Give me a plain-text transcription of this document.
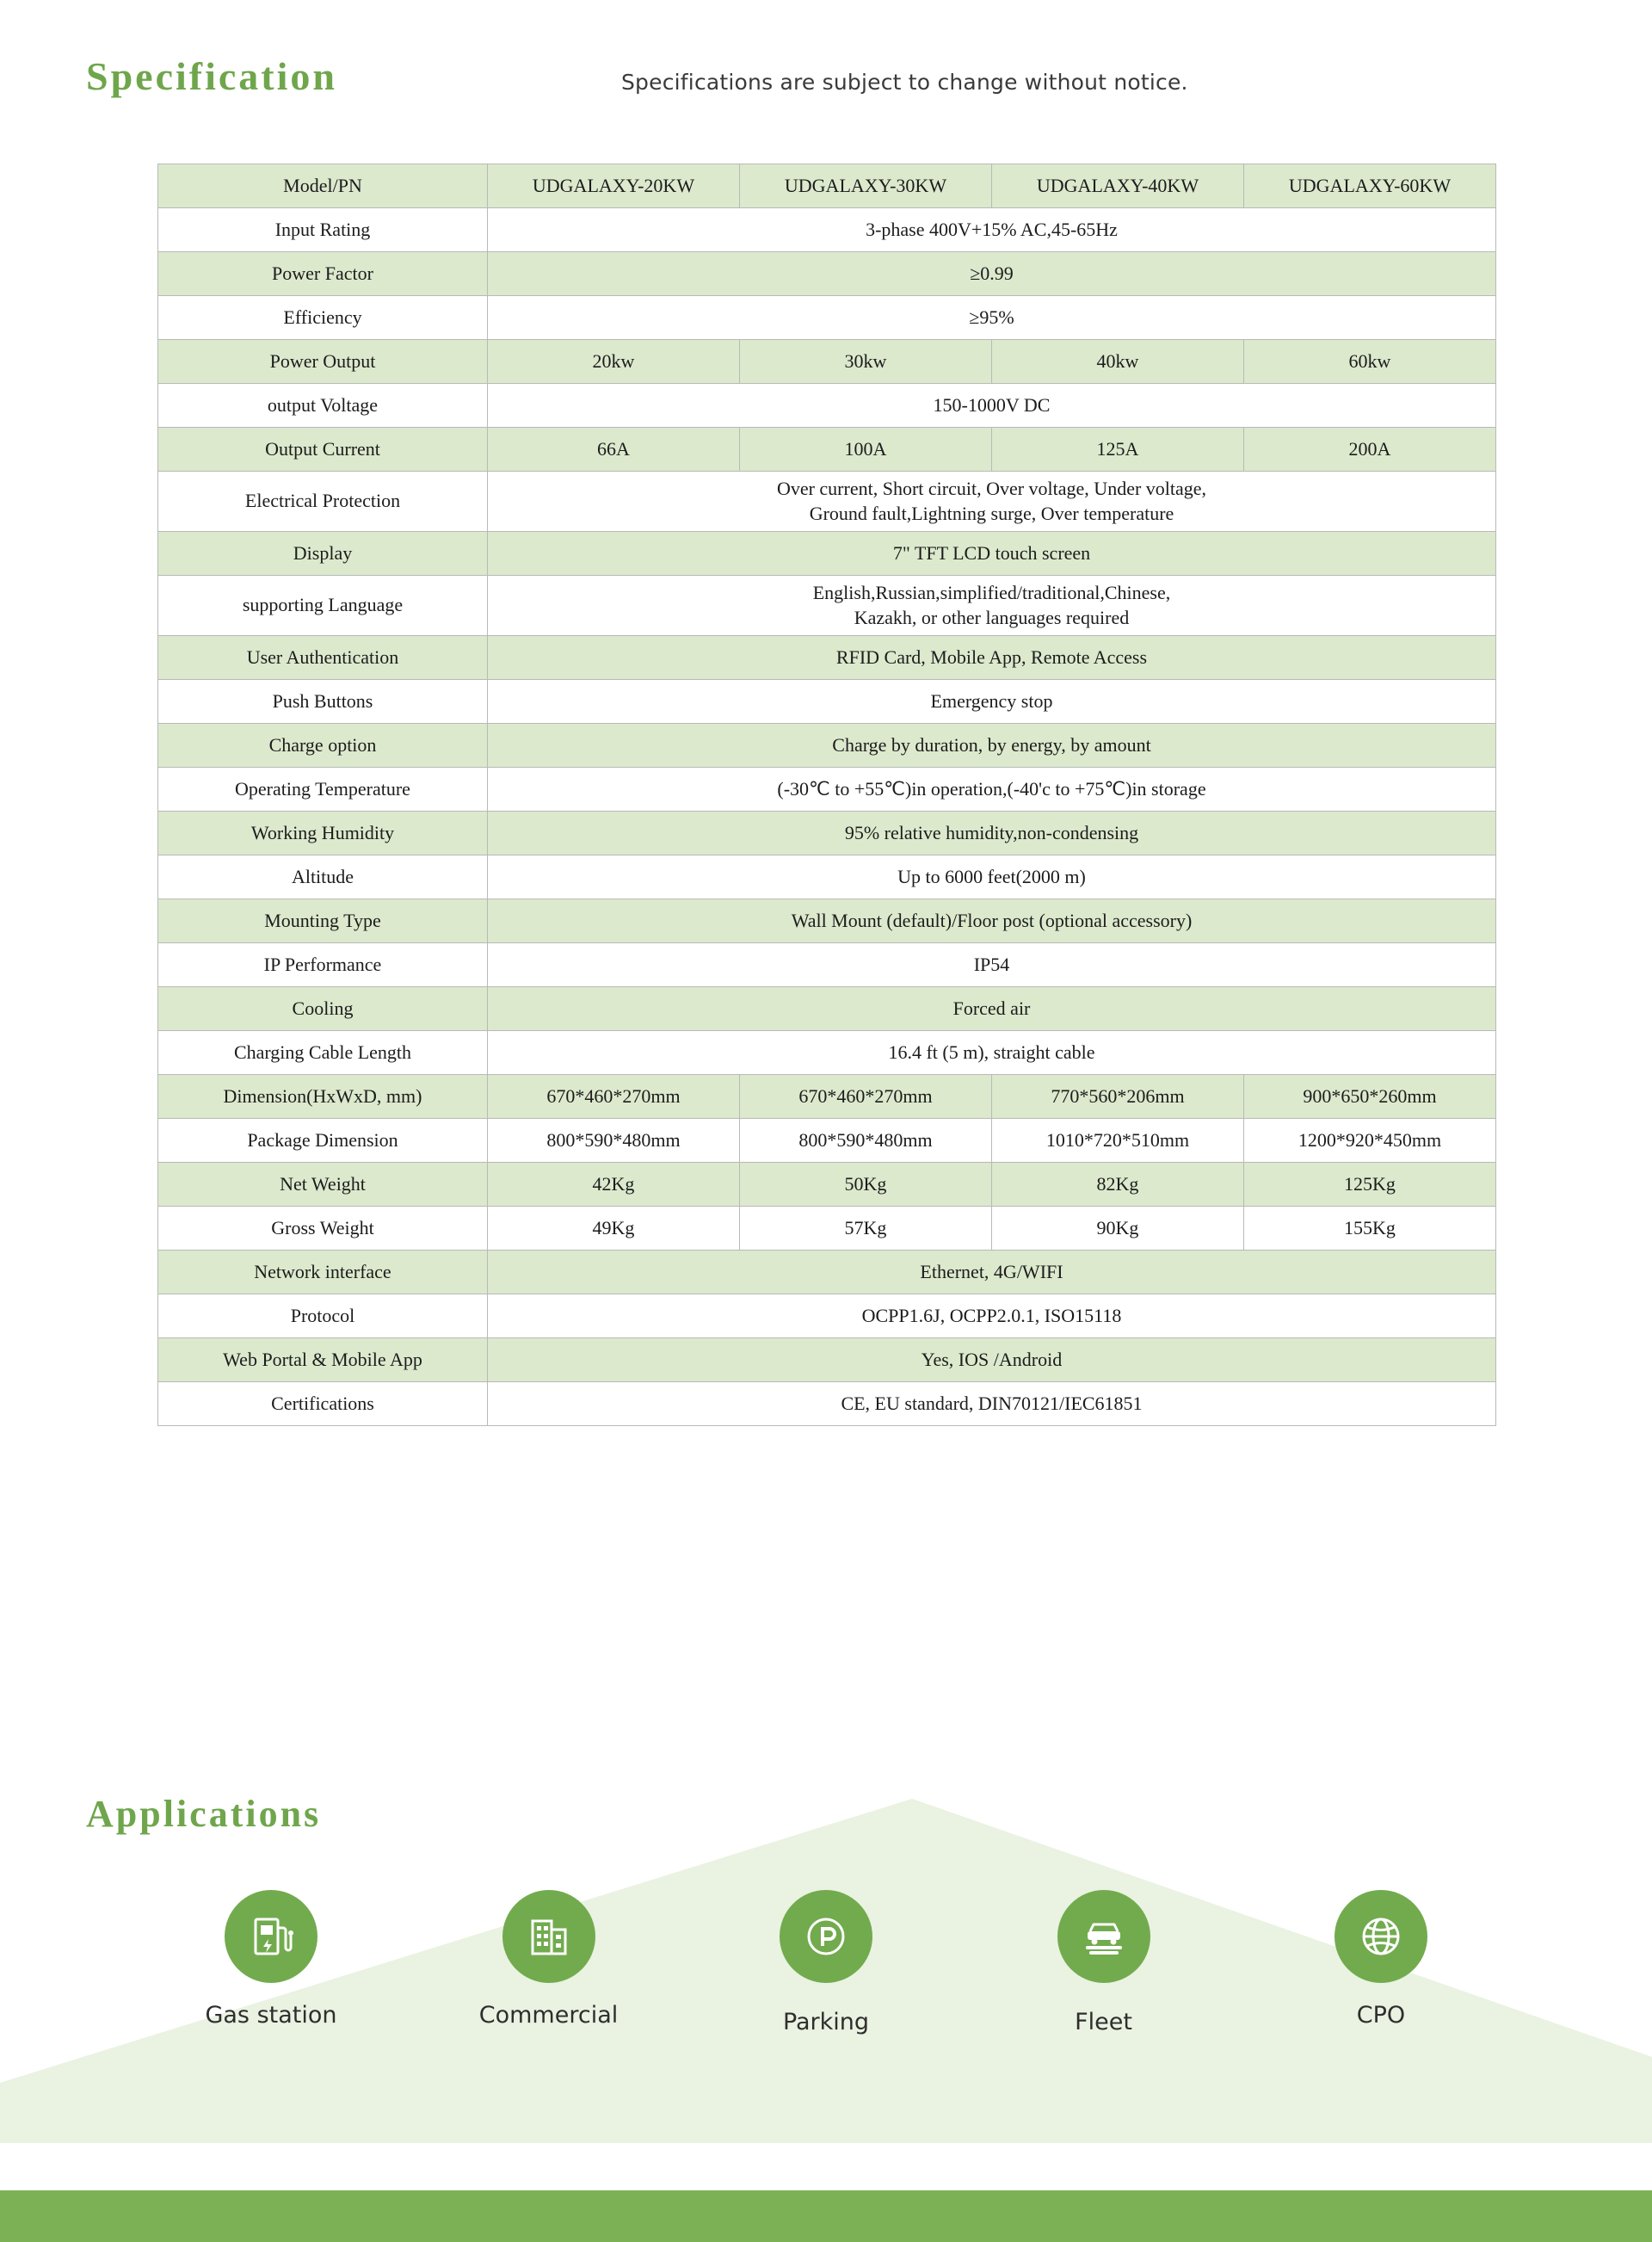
Specification	Specifications are subject to change without notice.
Model/PN	UDGALAXY-20KW	UDGALAXY-30KW	UDGALAXY-40KW	UDGALAXY-60KW
Input Rating	3-phase 400V+15% AC,45-65Hz			
Power Factor	≥0.99			
Efficiency	≥95%			
Power Output	20kw	30kw	40kw	60kw
output Voltage	150-1000V DC			
Output Current	66A	100A	125A	200A
Electrical Protection	Over current, Short circuit, Over voltage, Under voltage,
Ground fault,Lightning surge, Over temperature			
Display	7" TFT LCD touch screen			
supporting Language	English,Russian,simplified/traditional,Chinese,
Kazakh, or other languages required			
User Authentication	RFID Card, Mobile App, Remote Access			
Push Buttons	Emergency stop			
Charge option	Charge by duration, by energy, by amount			
Operating Temperature	(-30℃ to +55℃)in operation,(-40'c to +75℃)in storage			
Working Humidity	95% relative humidity,non-condensing			
Altitude	Up to 6000 feet(2000 m)			
Mounting Type	Wall Mount (default)/Floor post (optional accessory)			
IP Performance	IP54			
Cooling	Forced air			
Charging Cable Length	16.4 ft (5 m), straight cable			
Dimension(HxWxD, mm)	670*460*270mm	670*460*270mm	770*560*206mm	900*650*260mm
Package Dimension	800*590*480mm	800*590*480mm	1010*720*510mm	1200*920*450mm
Net Weight	42Kg	50Kg	82Kg	125Kg
Gross Weight	49Kg	57Kg	90Kg	155Kg
Network interface	Ethernet, 4G/WIFI			
Protocol	OCPP1.6J, OCPP2.0.1, ISO15118			
Web Portal & Mobile App	Yes, IOS /Android			
Certifications	CE, EU standard, DIN70121/IEC61851			
Applications
Gas station	Commercial	Parking	Fleet	CPO
